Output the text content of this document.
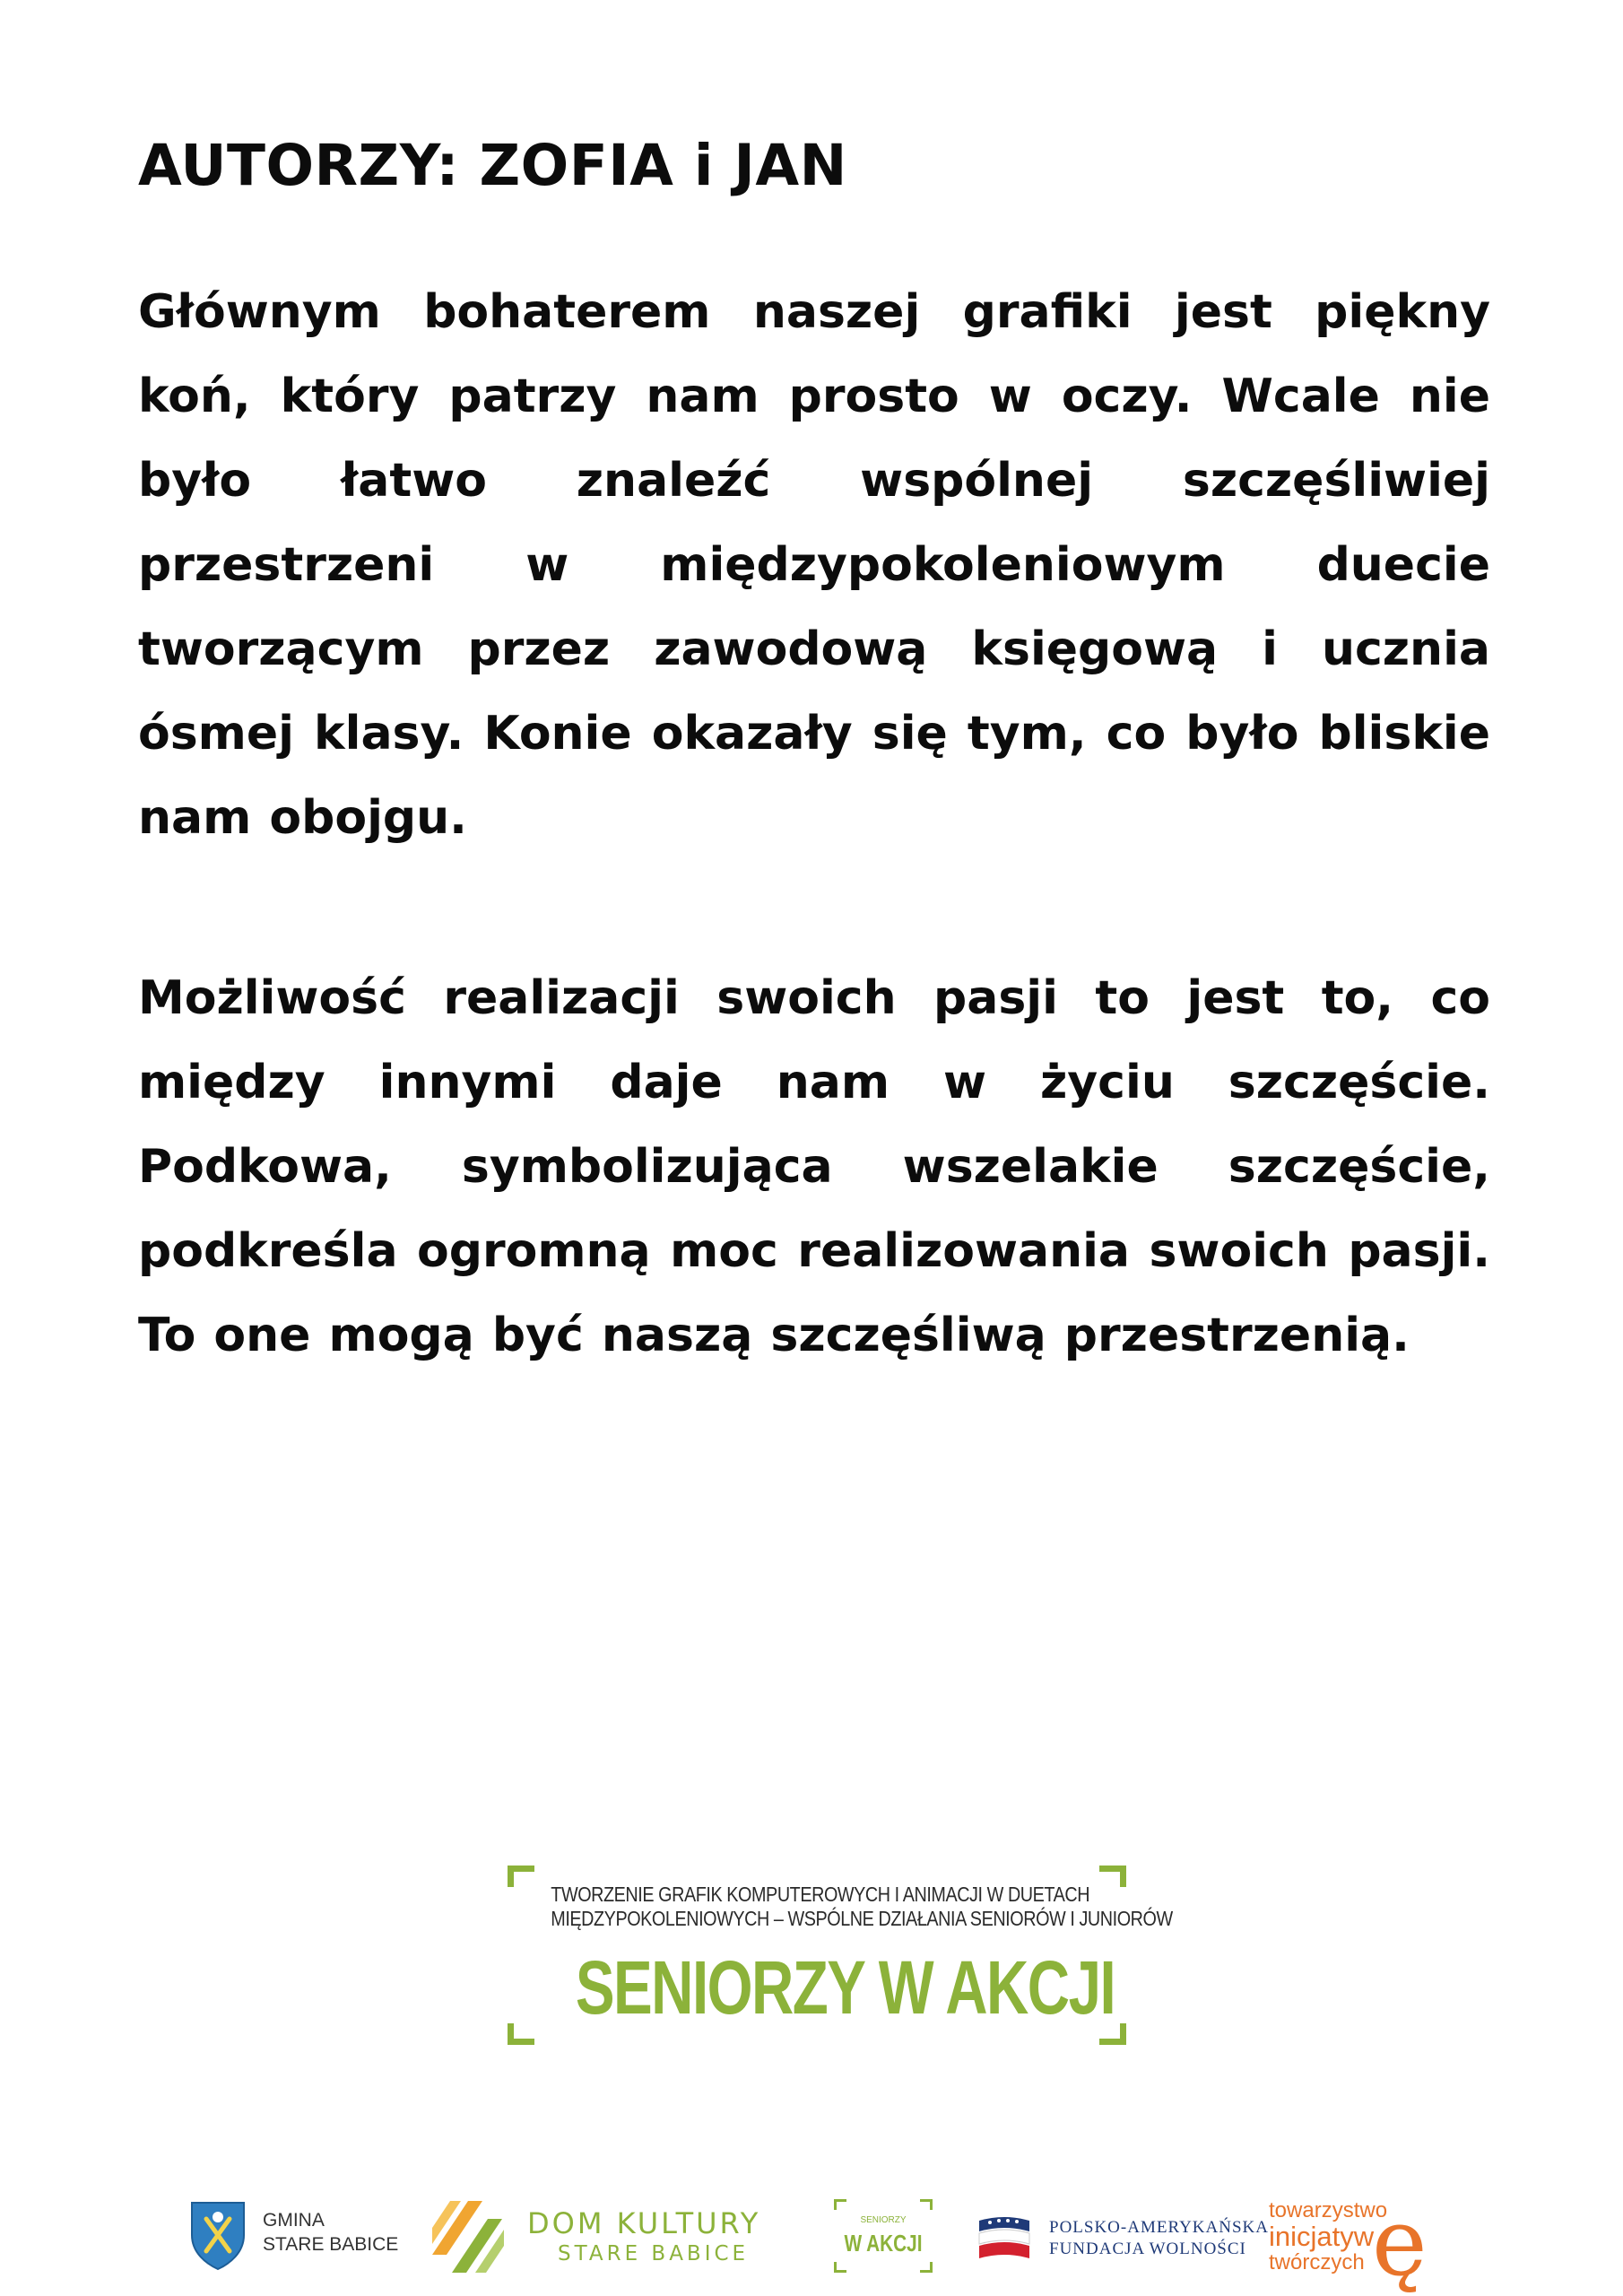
AUTORZY: ZOFIA i JAN

Głównym bohaterem naszej grafiki jest piękny koń, który patrzy nam prosto w oczy. Wcale nie było łatwo znaleźć wspólnej szczęśliwiej przestrzeni w międzypokoleniowym duecie tworzącym przez zawodową księgową i ucznia ósmej klasy. Konie okazały się tym, co było bliskie nam obojgu.

Możliwość realizacji swoich pasji to jest to, co między innymi daje nam w życiu szczęście. Podkowa, symbolizująca wszelakie szczęście, podkreśla ogromną moc realizowania swoich pasji. To one mogą być naszą szczęśliwą przestrzenią.

TWORZENIE GRAFIK KOMPUTEROWYCH I ANIMACJI W DUETACH
MIĘDZYPOKOLENIOWYCH – WSPÓLNE DZIAŁANIA SENIORÓW I JUNIORÓW
SENIORZY W AKCJI
GMINA
STARE BABICE
DOM KULTURY
STARE BABICE
SENIORZY
W AKCJI
POLSKO-AMERYKAŃSKA
FUNDACJA WOLNOŚCI
towarzystwo
inicjatyw
twórczych ę
